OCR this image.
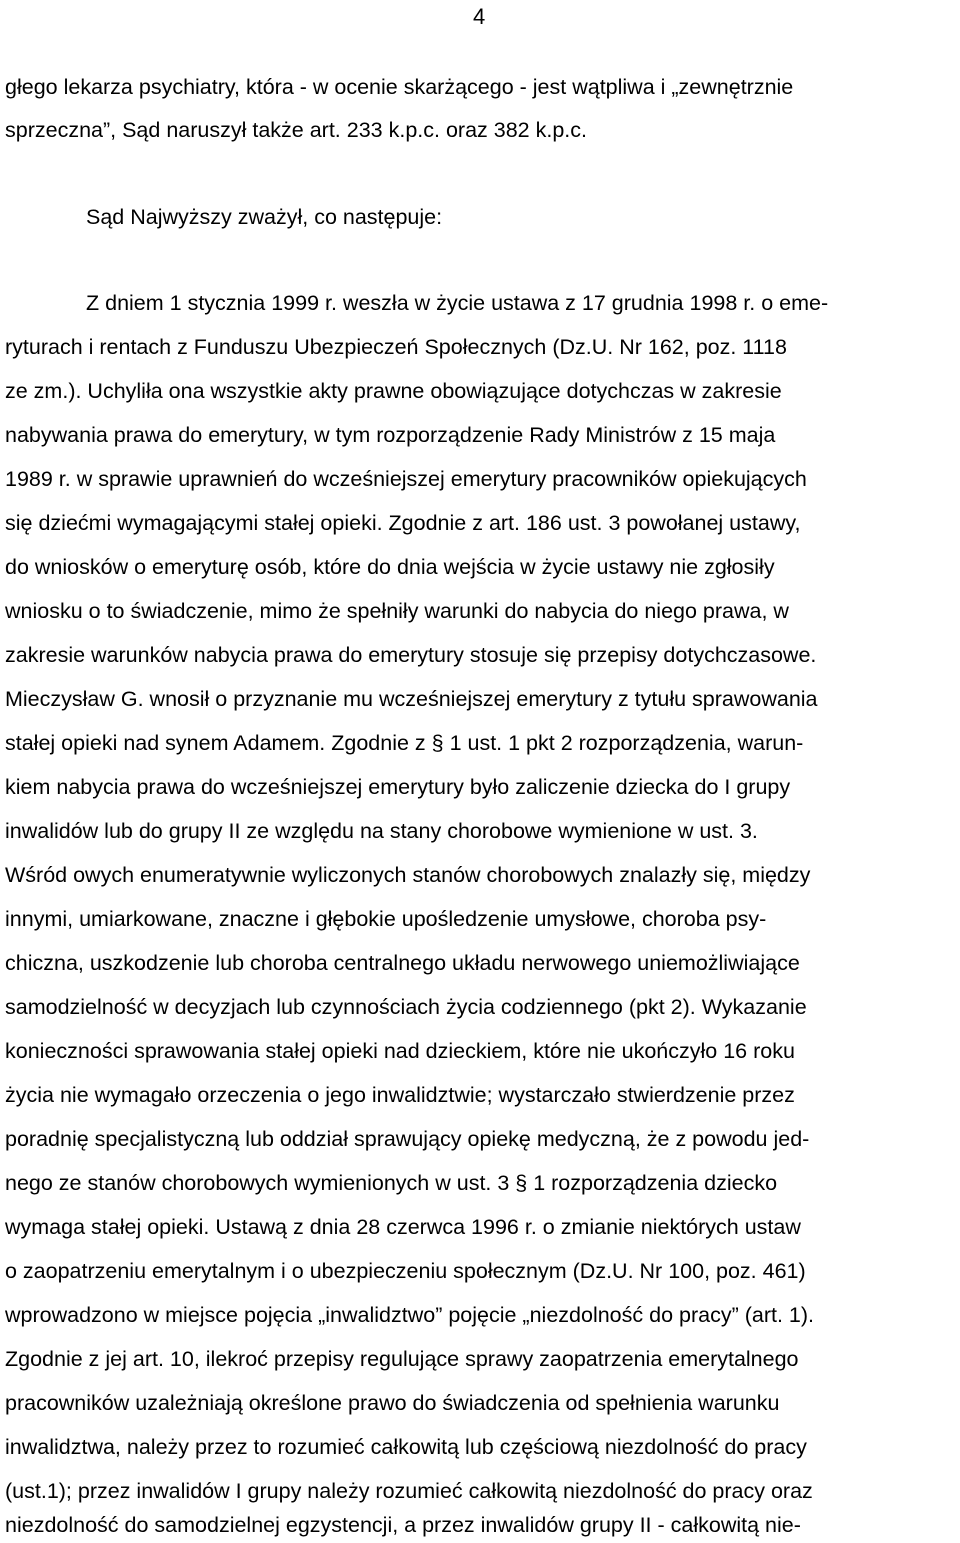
4
głego lekarza psychiatry, która - w ocenie skarżącego - jest wątpliwa i „zewnętrznie
sprzeczna”, Sąd naruszył także art. 233 k.p.c. oraz 382 k.p.c.
Sąd Najwyższy zważył, co następuje:
Z dniem 1 stycznia 1999 r. weszła w życie ustawa z 17 grudnia 1998 r. o eme-
ryturach i rentach z Funduszu Ubezpieczeń Społecznych (Dz.U. Nr 162, poz. 1118
ze zm.). Uchyliła ona wszystkie akty prawne obowiązujące dotychczas w zakresie
nabywania prawa do emerytury, w tym rozporządzenie Rady Ministrów z 15 maja
1989 r. w sprawie uprawnień do wcześniejszej emerytury pracowników opiekujących
się dziećmi wymagającymi stałej opieki. Zgodnie z art. 186 ust. 3 powołanej ustawy,
do wniosków o emeryturę osób, które do dnia wejścia w życie ustawy nie zgłosiły
wniosku o to świadczenie, mimo że spełniły warunki do nabycia do niego prawa, w
zakresie warunków nabycia prawa do emerytury stosuje się przepisy dotychczasowe.
Mieczysław G. wnosił o przyznanie mu wcześniejszej emerytury z tytułu sprawowania
stałej opieki nad synem Adamem. Zgodnie z § 1 ust. 1 pkt 2 rozporządzenia, warun-
kiem nabycia prawa do wcześniejszej emerytury było zaliczenie dziecka do I grupy
inwalidów lub do grupy II ze względu na stany chorobowe wymienione w ust. 3.
Wśród owych enumeratywnie wyliczonych stanów chorobowych znalazły się, między
innymi, umiarkowane, znaczne i głębokie upośledzenie umysłowe, choroba psy-
chiczna, uszkodzenie lub choroba centralnego układu nerwowego uniemożliwiające
samodzielność w decyzjach lub czynnościach życia codziennego (pkt 2). Wykazanie
konieczności sprawowania stałej opieki nad dzieckiem, które nie ukończyło 16 roku
życia nie wymagało orzeczenia o jego inwalidztwie; wystarczało stwierdzenie przez
poradnię specjalistyczną lub oddział sprawujący opiekę medyczną, że z powodu jed-
nego ze stanów chorobowych wymienionych w ust. 3 § 1 rozporządzenia dziecko
wymaga stałej opieki. Ustawą z dnia 28 czerwca 1996 r. o zmianie niektórych ustaw
o zaopatrzeniu emerytalnym i o ubezpieczeniu społecznym (Dz.U. Nr 100, poz. 461)
wprowadzono w miejsce pojęcia „inwalidztwo” pojęcie „niezdolność do pracy” (art. 1).
Zgodnie z jej art. 10, ilekroć przepisy regulujące sprawy zaopatrzenia emerytalnego
pracowników uzależniają określone prawo do świadczenia od spełnienia warunku
inwalidztwa, należy przez to rozumieć całkowitą lub częściową niezdolność do pracy
(ust.1); przez inwalidów I grupy należy rozumieć całkowitą niezdolność do pracy oraz
niezdolność do samodzielnej egzystencji, a przez inwalidów grupy II - całkowitą nie-
